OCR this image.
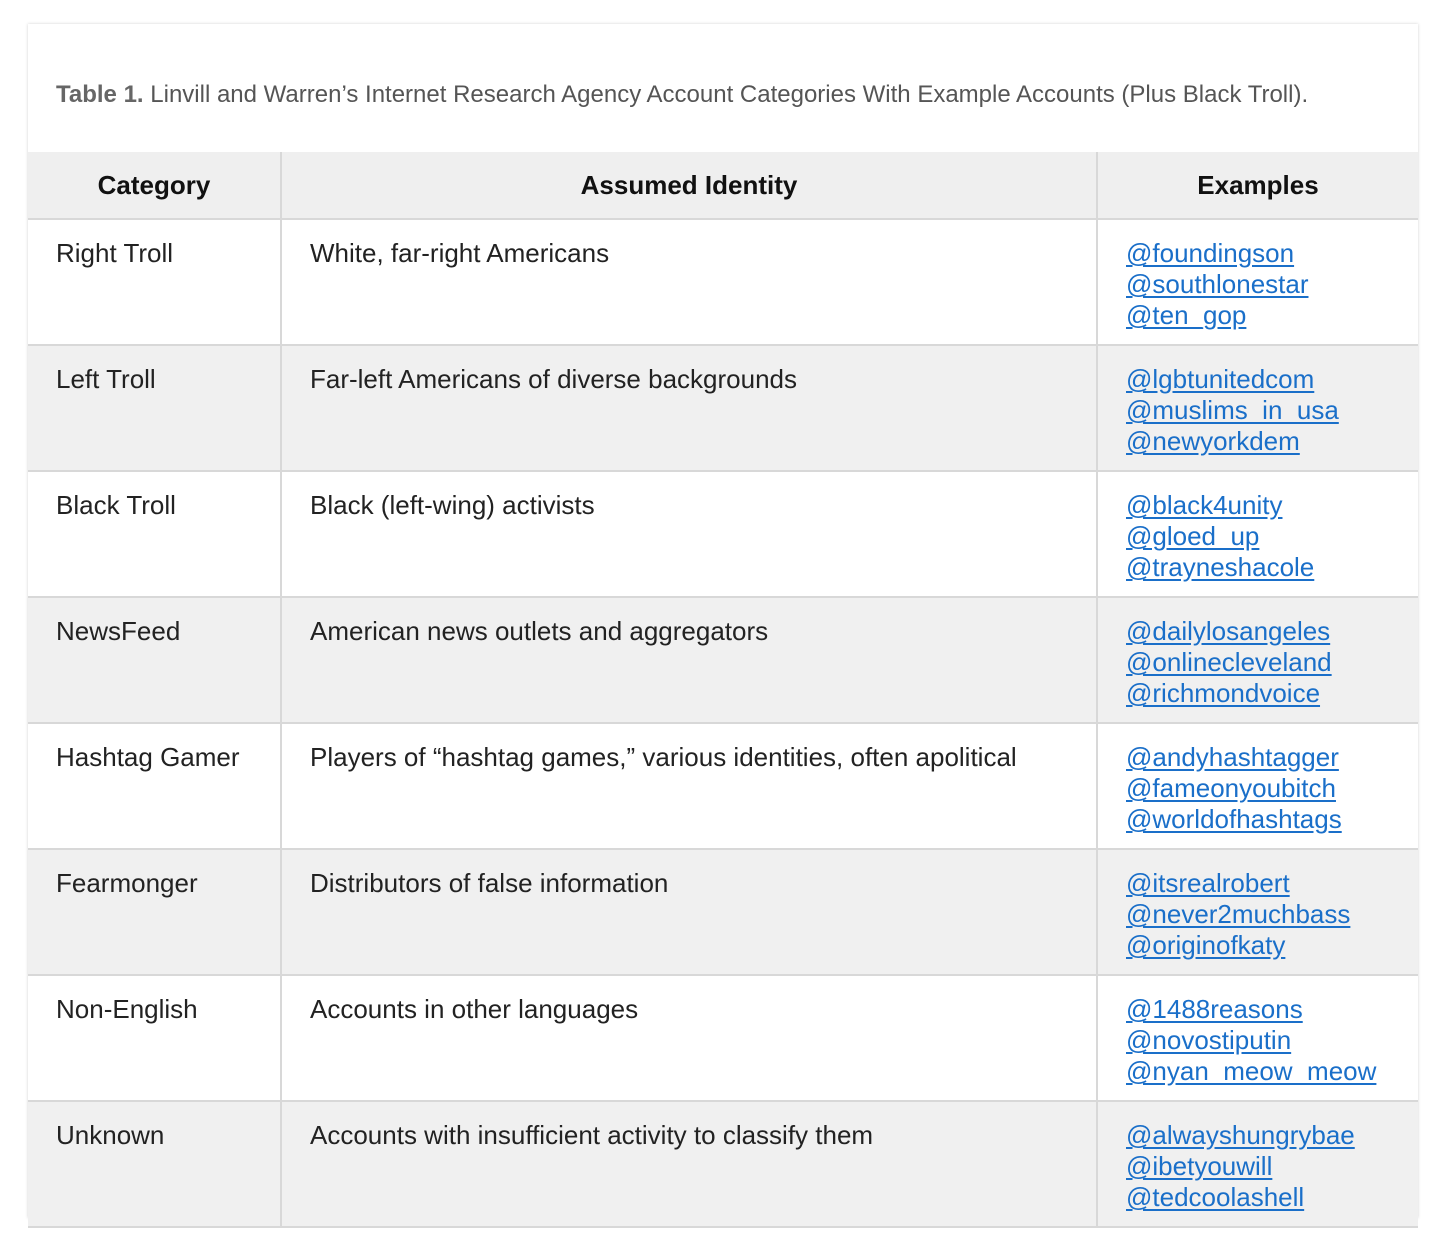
Table 1. Linvill and Warren’s Internet Research Agency Account Categories With Example Accounts (Plus Black Troll).
Category	Assumed Identity	Examples
Right Troll	White, far-right Americans	@foundingson
@southlonestar
@ten_gop

Left Troll	Far-left Americans of diverse backgrounds	@lgbtunitedcom
@muslims_in_usa
@newyorkdem

Black Troll	Black (left-wing) activists	@black4unity
@gloed_up
@trayneshacole

NewsFeed	American news outlets and aggregators	@dailylosangeles
@onlinecleveland
@richmondvoice

Hashtag Gamer	Players of “hashtag games,” various identities, often apolitical	@andyhashtagger
@fameonyoubitch
@worldofhashtags

Fearmonger	Distributors of false information	@itsrealrobert
@never2muchbass
@originofkaty

Non-English	Accounts in other languages	@1488reasons
@novostiputin
@nyan_meow_meow

Unknown	Accounts with insufficient activity to classify them	@alwayshungrybae
@ibetyouwill
@tedcoolashell
